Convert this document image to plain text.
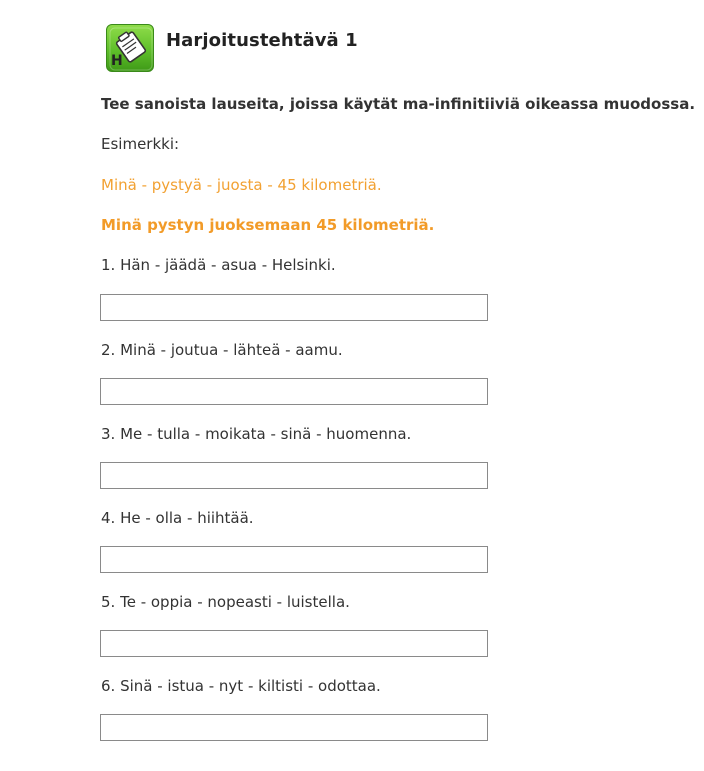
H
Harjoitustehtävä 1
Tee sanoista lauseita, joissa käytät ma-infinitiiviä oikeassa muodossa.
Esimerkki:
Minä - pystyä - juosta - 45 kilometriä.
Minä pystyn juoksemaan 45 kilometriä.
1. Hän - jäädä - asua - Helsinki.
2. Minä - joutua - lähteä - aamu.
3. Me - tulla - moikata - sinä - huomenna.
4. He - olla - hiihtää.
5. Te - oppia - nopeasti - luistella.
6. Sinä - istua - nyt - kiltisti - odottaa.
